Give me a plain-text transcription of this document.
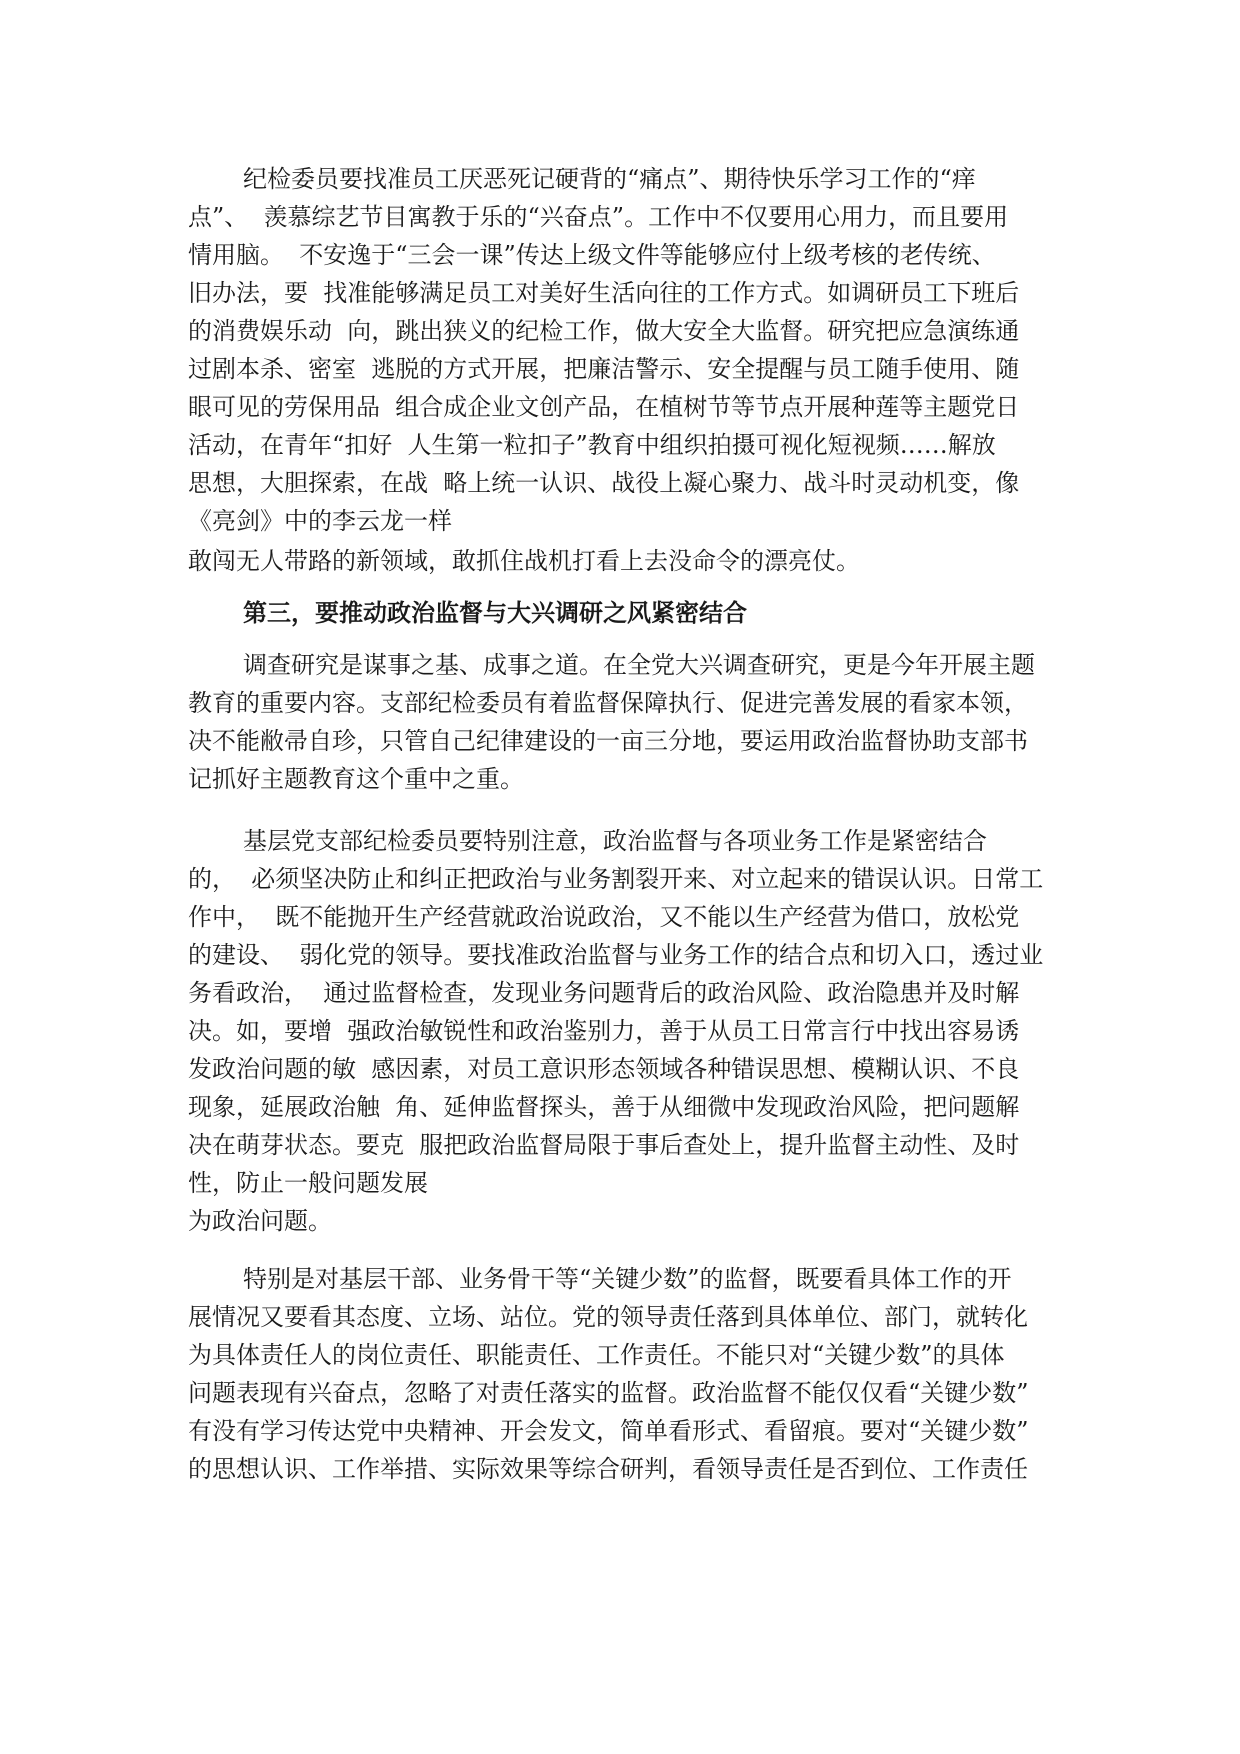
纪检委员要找准员工厌恶死记硬背的“痛点”、期待快乐学习工作的“痒

点”、  羡慕综艺节目寓教于乐的“兴奋点”。工作中不仅要用心用力，而且要用

情用脑。  不安逸于“三会一课”传达上级文件等能够应付上级考核的老传统、

旧办法，要  找准能够满足员工对美好生活向往的工作方式。如调研员工下班后

的消费娱乐动  向，跳出狭义的纪检工作，做大安全大监督。研究把应急演练通

过剧本杀、密室  逃脱的方式开展，把廉洁警示、安全提醒与员工随手使用、随

眼可见的劳保用品  组合成企业文创产品，在植树节等节点开展种莲等主题党日

活动，在青年“扣好  人生第一粒扣子”教育中组织拍摄可视化短视频……解放

思想，大胆探索，在战  略上统一认识、战役上凝心聚力、战斗时灵动机变，像

《亮剑》中的李云龙一样

敢闯无人带路的新领域，敢抓住战机打看上去没命令的漂亮仗。

第三，要推动政治监督与大兴调研之风紧密结合

调查研究是谋事之基、成事之道。在全党大兴调查研究，更是今年开展主题

教育的重要内容。支部纪检委员有着监督保障执行、促进完善发展的看家本领，

决不能敝帚自珍，只管自己纪律建设的一亩三分地，要运用政治监督协助支部书

记抓好主题教育这个重中之重。

基层党支部纪检委员要特别注意，政治监督与各项业务工作是紧密结合

的，  必须坚决防止和纠正把政治与业务割裂开来、对立起来的错误认识。日常工

作中，  既不能抛开生产经营就政治说政治，又不能以生产经营为借口，放松党

的建设、  弱化党的领导。要找准政治监督与业务工作的结合点和切入口，透过业

务看政治，  通过监督检查，发现业务问题背后的政治风险、政治隐患并及时解

决。如，要增  强政治敏锐性和政治鉴别力，善于从员工日常言行中找出容易诱

发政治问题的敏  感因素，对员工意识形态领域各种错误思想、模糊认识、不良

现象，延展政治触  角、延伸监督探头，善于从细微中发现政治风险，把问题解

决在萌芽状态。要克  服把政治监督局限于事后查处上，提升监督主动性、及时

性，防止一般问题发展

为政治问题。

特别是对基层干部、业务骨干等“关键少数”的监督，既要看具体工作的开

展情况又要看其态度、立场、站位。党的领导责任落到具体单位、部门，就转化

为具体责任人的岗位责任、职能责任、工作责任。不能只对“关键少数”的具体

问题表现有兴奋点，忽略了对责任落实的监督。政治监督不能仅仅看“关键少数”

有没有学习传达党中央精神、开会发文，简单看形式、看留痕。要对“关键少数”

的思想认识、工作举措、实际效果等综合研判，看领导责任是否到位、工作责任
